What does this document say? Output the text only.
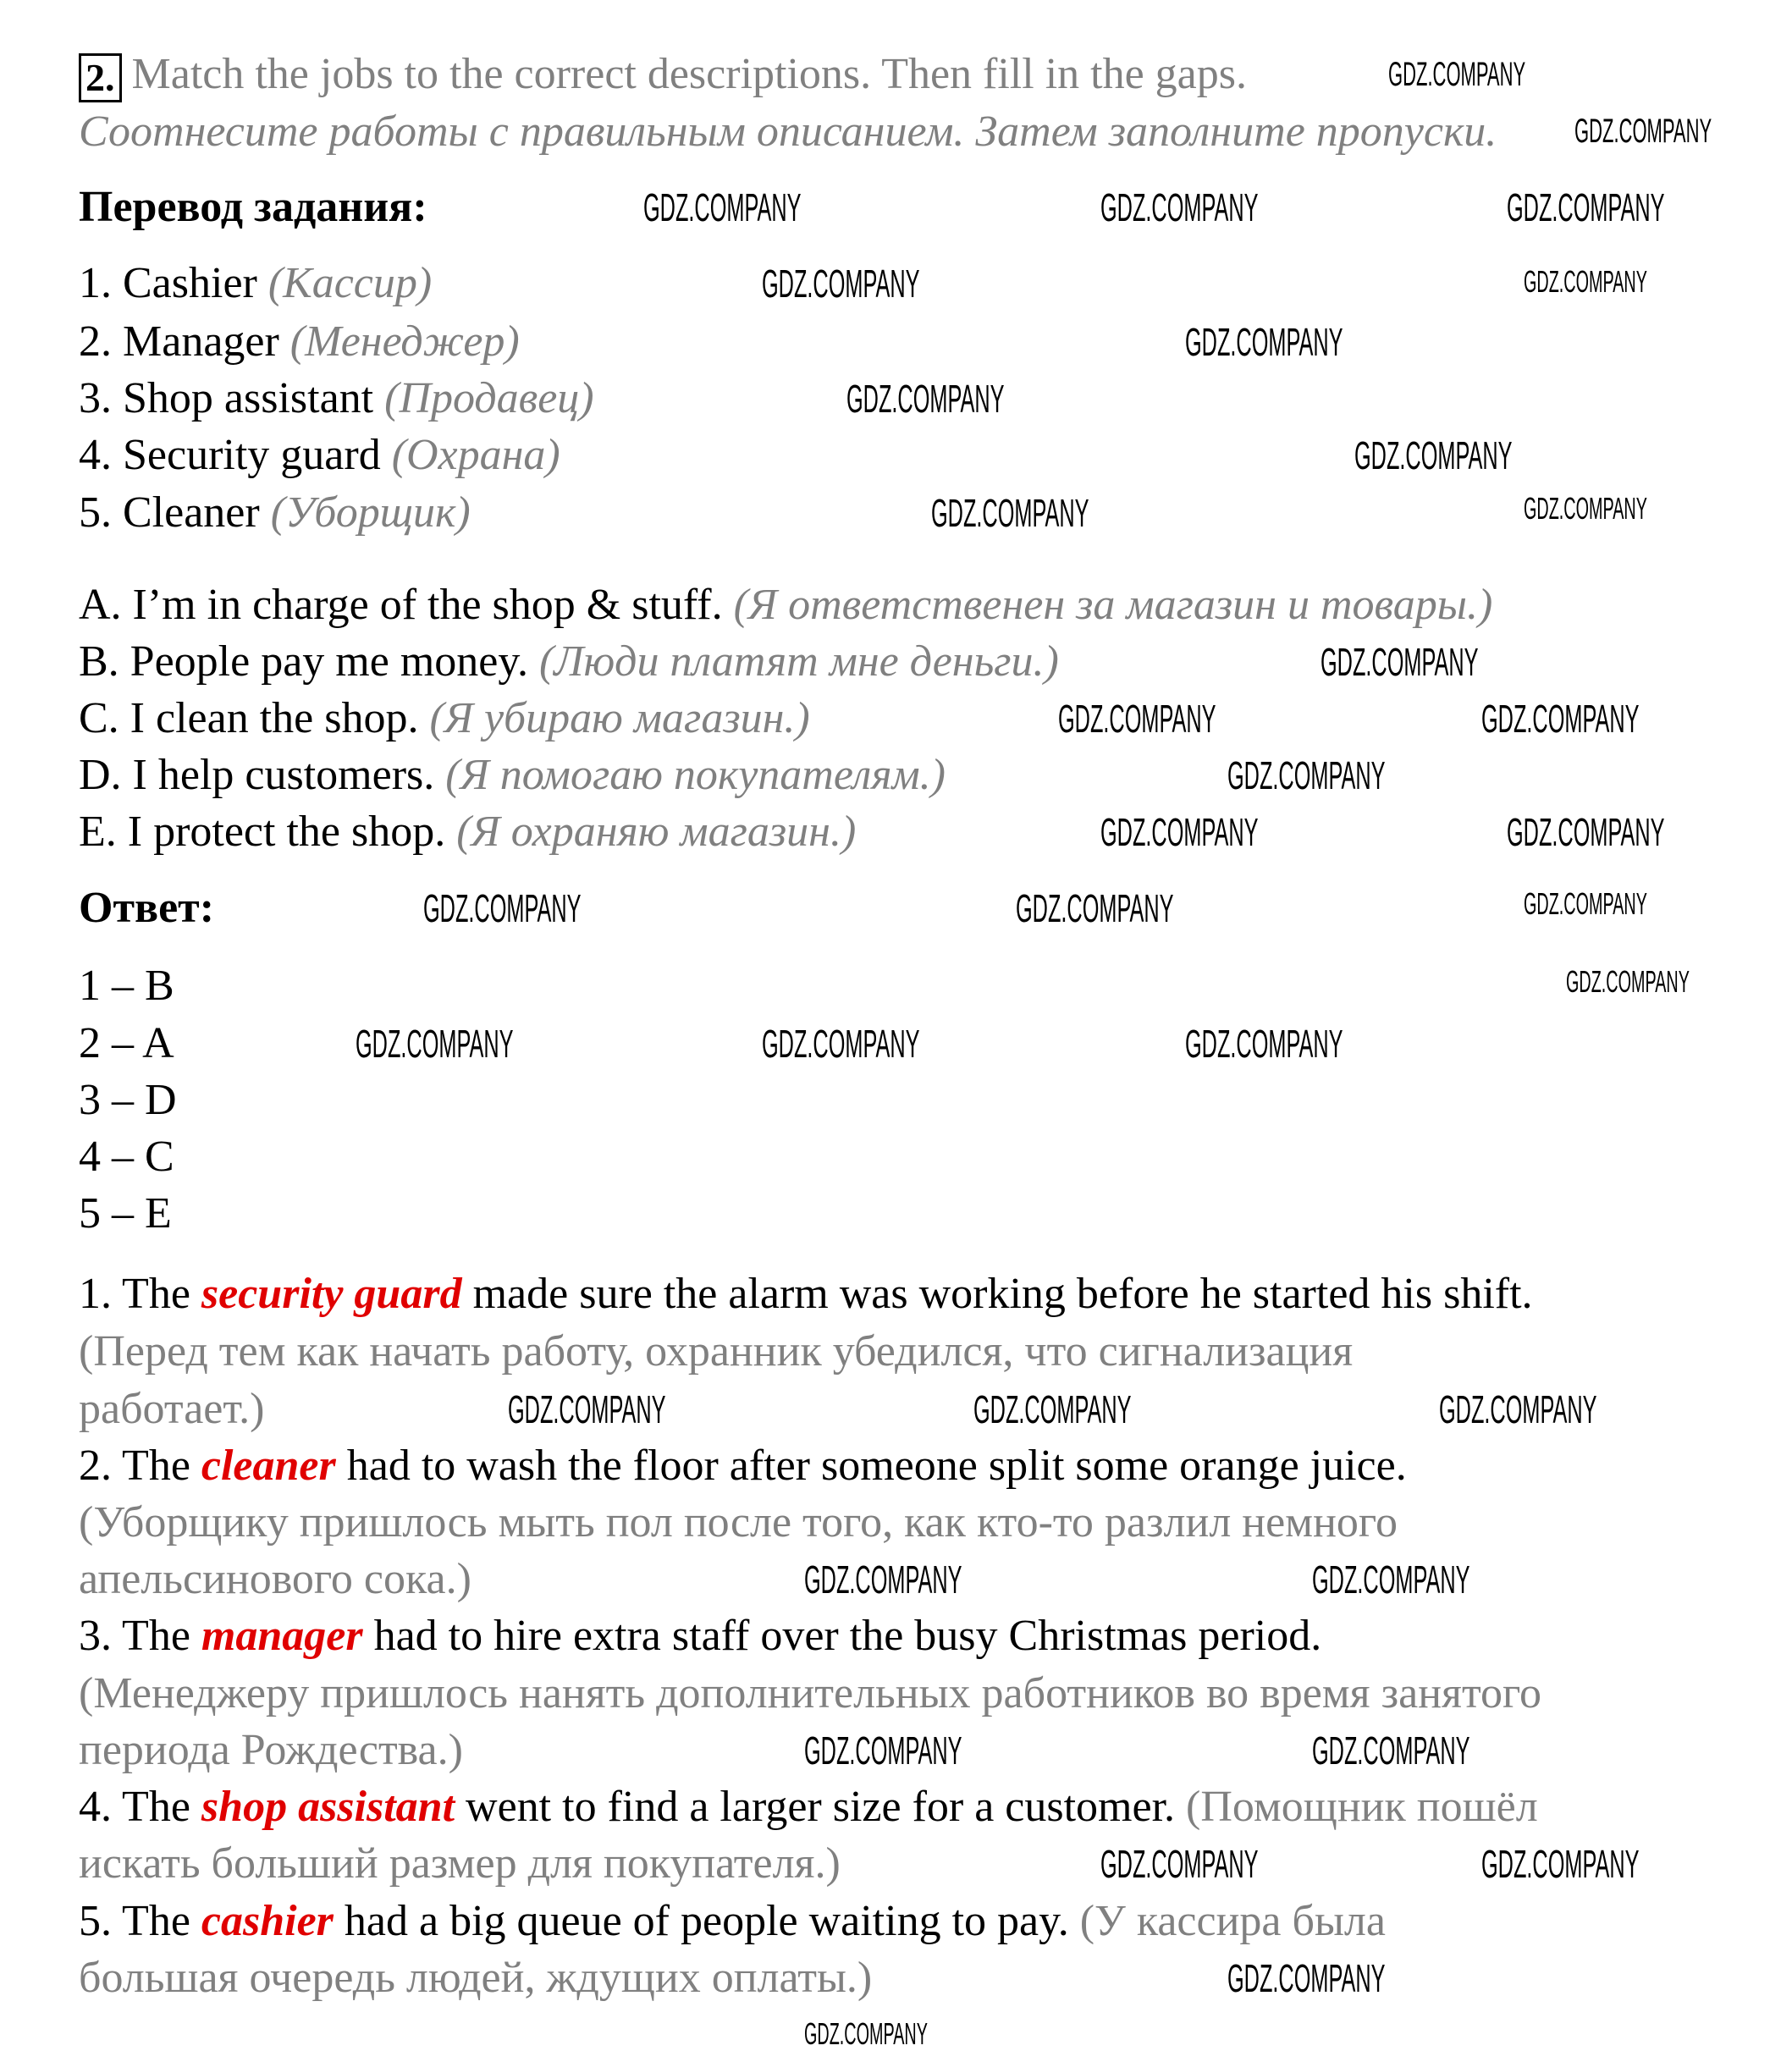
2. Match the jobs to the correct descriptions. Then fill in the gaps.
Соотнесите работы с правильным описанием. Затем заполните пропуски.
Перевод задания:
1. Cashier (Кассир)
2. Manager (Менеджер)
3. Shop assistant (Продавец)
4. Security guard (Охрана)
5. Cleaner (Уборщик)
A. I’m in charge of the shop & stuff. (Я ответственен за магазин и товары.)
B. People pay me money. (Люди платят мне деньги.)
C. I clean the shop. (Я убираю магазин.)
D. I help customers. (Я помогаю покупателям.)
E. I protect the shop. (Я охраняю магазин.)
Ответ:
1 – B
2 – A
3 – D
4 – C
5 – E
1. The security guard made sure the alarm was working before he started his shift.
(Перед тем как начать работу, охранник убедился, что сигнализация
работает.)
2. The cleaner had to wash the floor after someone split some orange juice.
(Уборщику пришлось мыть пол после того, как кто-то разлил немного
апельсинового сока.)
3. The manager had to hire extra staff over the busy Christmas period.
(Менеджеру пришлось нанять дополнительных работников во время занятого
периода Рождества.)
4. The shop assistant went to find a larger size for a customer. (Помощник пошёл
искать больший размер для покупателя.)
5. The cashier had a big queue of people waiting to pay. (У кассира была
большая очередь людей, ждущих оплаты.)
GDZ.COMPANY
GDZ.COMPANY
GDZ.COMPANY	GDZ.COMPANY	GDZ.COMPANY
GDZ.COMPANY
GDZ.COMPANY
GDZ.COMPANY
GDZ.COMPANY
GDZ.COMPANY
GDZ.COMPANY	GDZ.COMPANY
GDZ.COMPANY
GDZ.COMPANY	GDZ.COMPANY
GDZ.COMPANY
GDZ.COMPANY	GDZ.COMPANY
GDZ.COMPANY	GDZ.COMPANY	GDZ.COMPANY
GDZ.COMPANY	GDZ.COMPANY	GDZ.COMPANY
GDZ.COMPANY
GDZ.COMPANY	GDZ.COMPANY	GDZ.COMPANY
GDZ.COMPANY	GDZ.COMPANY
GDZ.COMPANY	GDZ.COMPANY
GDZ.COMPANY	GDZ.COMPANY
GDZ.COMPANY
GDZ.COMPANY
